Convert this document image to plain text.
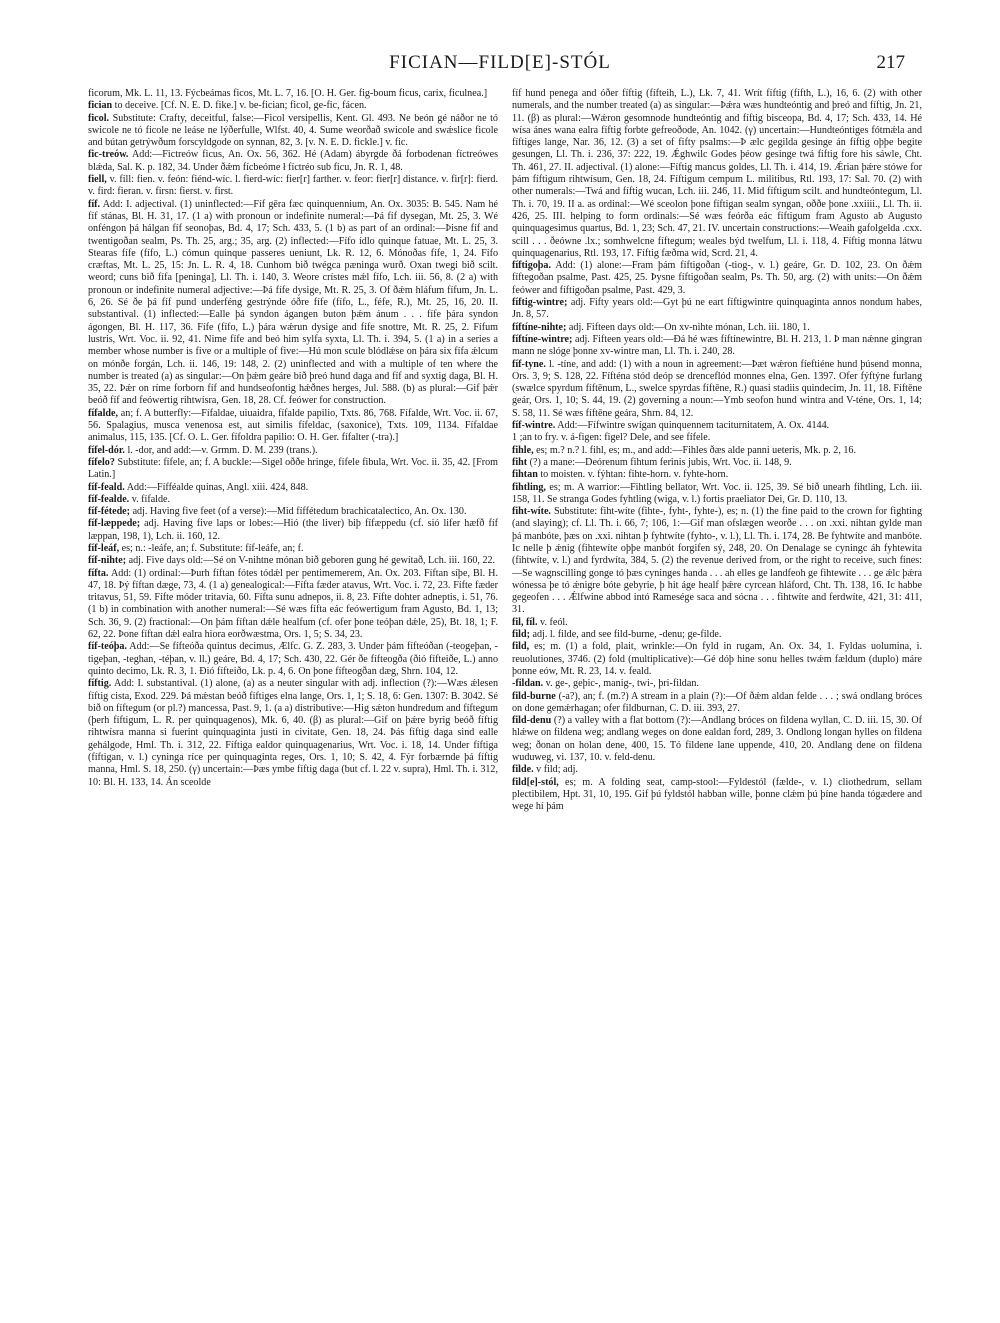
FICIAN—FILD[E]-STÓL	217

ficorum, Mk. L. 11, 13. Fýcbeámas ficos, Mt. L. 7, 16. [O. H. Ger. fig-boum ficus, carix, ficulnea.]

fician to deceive. [Cf. N. E. D. fike.] v. be-fician; ficol, ge-fic, fácen.

ficol. Substitute: Crafty, deceitful, false:—Ficol versipellis, Kent. Gl. 493. Ne beón gé náðor ne tó swicole ne tó ficole ne leáse ne lýðerfulle, Wlfst. 40, 4. Sume weorðað swicole and swǽslice ficole and bútan getrýwðum forscyldgode on synnan, 82, 3. [v. N. E. D. fickle.] v. fic.

fic-treów. Add:—Fictreów ficus, An. Ox. 56, 362. Hé (Adam) ábyrgde ðá forbodenan fíctreówes blǽda, Sal. K. p. 182, 34. Under ðǽm fícbeóme ł fíctréo sub ficu, Jn. R. 1, 48.

fiell, v. fill: fien. v. feón: fiénd-wíc. l. fierd-wíc: fier[r] farther. v. feor: fier[r] distance. v. fir[r]: fierd. v. fird: fieran. v. firsn: fierst. v. first.

fíf. Add: I. adjectival. (1) uninflected:—Fíf gēra fæc quinquennium, An. Ox. 3035: B. 545. Nam hé fíf stánas, Bl. H. 31, 17. (1 a) with pronoun or indefinite numeral:—Þá fíf dysegan, Mt. 25, 3. Wé onféngon þá hálgan fíf seonoþas, Bd. 4, 17; Sch. 433, 5. (1 b) as part of an ordinal:—Þisne fíf and twentigoðan sealm, Ps. Th. 25, arg.; 35, arg. (2) inflected:—Fífo ídlo quinque fatuae, Mt. L. 25, 3. Stearas fífe (fífo, L.) cómun quinque passeres ueniunt, Lk. R. 12, 6. Mónoðas fífe, 1, 24. Fífo cræftas, Mt. L. 25, 15: Jn. L. R. 4, 18. Cunhom bið twégca pæninga wurð. Oxan twegi bið scilt. weord; cuns bið fífa [peninga], Ll. Th. i. 140, 3. Weore crístes mǽl fífo, Lch. iii. 56, 8. (2 a) with pronoun or indefinite numeral adjective:—Þá fífe dysige, Mt. R. 25, 3. Of ðǽm hláfum fífum, Jn. L. 6, 26. Sé ðe þá fíf pund underféng gestrýnde óðre fífe (fífo, L., féfe, R.), Mt. 25, 16, 20. II. substantival. (1) inflected:—Ealle þá syndon ágangen buton þǽm ánum . . . fífe þára syndon ágongen, Bl. H. 117, 36. Fífe (fífo, L.) þára wǽrun dysige and fífe snottre, Mt. R. 25, 2. Fífum lustris, Wrt. Voc. ii. 92, 41. Nime fífe and beó him sylfa syxta, Ll. Th. i. 394, 5. (1 a) in a series a member whose number is five or a multiple of five:—Hú mon scule blódlǽse on þára six fífa ǽlcum on mónðe forgán, Lch. ii. 146, 19: 148, 2. (2) uninflected and with a multiple of ten where the number is treated (a) as singular:—On þǽm geáre bið þreó hund daga and fíf and syxtig daga, Bl. H. 35, 22. Þǽr on ríme forborn fíf and hundseofontig hǽðnes herges, Jul. 588. (b) as plural:—Gif þǽr beóð fíf and feówertig rihtwísra, Gen. 18, 28. Cf. feówer for construction.

fífalde, an; f. A butterfly:—Fífaldae, uiuaidra, fífalde papilio, Txts. 86, 768. Fífalde, Wrt. Voc. ii. 67, 56. Spalagius, musca venenosa est, aut similis fífeldac, (saxonice), Txts. 109, 1134. Fífaldae animalus, 115, 135. [Cf. O. L. Ger. fífoldra papilio: O. H. Ger. fífalter (-tra).]

fífel-dór. l. -dor, and add:—v. Grmm. D. M. 239 (trans.).

fífelo? Substitute: fífele, an; f. A buckle:—Sigel oððe hringe, fífele fibula, Wrt. Voc. ii. 35, 42. [From Latin.]

fíf-feald. Add:—Fífféalde quinas, Angl. xiii. 424, 848.

fíf-fealde. v. fífalde.

fíf-fétede; adj. Having five feet (of a verse):—Mid fíffétedum brachicatalectico, An. Ox. 130.

fíf-læppede; adj. Having five laps or lobes:—Hió (the liver) biþ fífæppedu (cf. sió lifer hæfð fíf læppan, 198, 1), Lch. ii. 160, 12.

fíf-leáf, es; n.: -leáfe, an; f. Substitute: fíf-leáfe, an; f.

fíf-nihte; adj. Five days old:—Sé on V-nihtne mónan bið geboren gung hé gewítað, Lch. iii. 160, 22.

fífta. Add: (1) ordinal:—Þurh fíftan fótes tódǽl per pentimemerem, An. Ox. 203. Fíftan síþe, Bl. H. 47, 18. Þý fíftan dæge, 73, 4. (1 a) genealogical:—Fífta fæder atavus, Wrt. Voc. i. 72, 23. Fífte fæder tritavus, 51, 59. Fífte móder tritavia, 60. Fífta sunu adnepos, ii. 8, 23. Fífte dohter adneptis, i. 51, 76. (1 b) in combination with another numeral:—Sé wæs fífta eác feówertigum fram Agusto, Bd. 1, 13; Sch. 36, 9. (2) fractional:—On þám fíftan dǽle healfum (cf. ofer þone teóþan dǽle, 25), Bt. 18, 1; F. 62, 22. Þone fíftan dǽl ealra hiora eorðwæstma, Ors. 1, 5; S. 34, 23.

fíf-teóþa. Add:—Se fífteóða quintus decimus, Ælfc. G. Z. 283, 3. Under þám fífteóðan (-teogeþan, -tigeþan, -teghan, -téþan, v. ll.) geáre, Bd. 4, 17; Sch. 430, 22. Gér ðe fífteogða (ðió fífteiðe, L.) anno quinto decimo, Lk. R. 3, 1. Ðió fífteiðo, Lk. p. 4, 6. On þone fífteogðan dæg, Shrn. 104, 12.

fíftig. Add: I. substantival. (1) alone, (a) as a neuter singular with adj. inflection (?):—Wæs ǽlesen fíftig cista, Exod. 229. Þá mǽstan beóð fíftiges elna lange, Ors. 1, 1; S. 18, 6: Gen. 1307: B. 3042. Sé bið on fíftegum (or pl.?) mancessa, Past. 9, 1. (a a) distributive:—Hig sǽton hundredum and fíftegum (þerh fíftigum, L. R. per quinquagenos), Mk. 6, 40. (β) as plural:—Gif on þǽre byrig beóð fíftig rihtwísra manna si fuerint quinquaginta justi in civitate, Gen. 18, 24. Þás fíftig daga sind ealle gehálgode, Hml. Th. i. 312, 22. Fíftiga ealdor quinquagenarius, Wrt. Voc. i. 18, 14. Under fíftiga (fíftigan, v. l.) cyninga ríce per quinquaginta reges, Ors. 1, 10; S. 42, 4. Fýr forbærnde þá fíftig manna, Hml. S. 18, 250. (γ) uncertain:—Þæs ymbe fíftig daga (but cf. l. 22 v. supra), Hml. Th. i. 312, 10: Bl. H. 133, 14. Án sceolde

fíf hund penega and óðer fíftig (fífteih, L.), Lk. 7, 41. Wrít fíftig (fífth, L.), 16, 6. (2) with other numerals, and the number treated (a) as singular:—Þǽra wæs hundteóntig and þreó and fíftig, Jn. 21, 11. (β) as plural:—Wǽron gesomnode hundteóntig and fíftig bisceopa, Bd. 4, 17; Sch. 433, 14. Hé wísa ánes wana ealra fíftig forbte gefreoðode, An. 1042. (γ) uncertain:—Hundteóntiges fótmǽla and fíftiges lange, Nar. 36, 12. (3) a set of fifty psalms:—Þ ælc gegilda gesinge án fíftig oþþe begite gesungen, Ll. Th. i. 236, 37: 222, 19. Ǽghwilc Godes þéow gesinge twá fíftig fore his sáwle, Cht. Th. 461, 27. II. adjectival. (1) alone:—Fíftig mancus goldes, Ll. Th. i. 414, 19. Ǽrian þǽre stówe for þám fíftigum rihtwísum, Gen. 18, 24. Fíftigum cempum L. militibus, Rtl. 193, 17: Sal. 70. (2) with other numerals:—Twá and fíftig wucan, Lch. iii. 246, 11. Mid fíftigum scilt. and hundteóntegum, Ll. Th. i. 70, 19. II a. as ordinal:—Wé sceolon þone fíftigan sealm syngan, oððe þone .xxiiii., Ll. Th. ii. 426, 25. III. helping to form ordinals:—Sé wæs feórða eác fíftigum fram Agusto ab Augusto quinquagesimus quartus, Bd. 1, 23; Sch. 47, 21. IV. uncertain constructions:—Weaih gafolgelda .cxx. scill . . . ðeówne .lx.; somhwelcne fíftegum; weales býd twelfum, Ll. i. 118, 4. Fíftig monna látwu quinquagenarius, Rtl. 193, 17. Fíftig fæðma wíd, Scrd. 21, 4.

fíftigoþa. Add: (1) alone:—Fram þám fíftigoðan (-tiog-, v. l.) geáre, Gr. D. 102, 23. On ðǽm fíftegoðan psalme, Past. 425, 25. Þysne fíftigoðan sealm, Ps. Th. 50, arg. (2) with units:—On ðǽm feówer and fíftigoðan psalme, Past. 429, 3.

fíftig-wintre; adj. Fifty years old:—Gyt þú ne eart fíftigwintre quinquaginta annos nondum habes, Jn. 8, 57.

fíftíne-nihte; adj. Fifteen days old:—On xv-nihte mónan, Lch. iii. 180, 1.

fíftíne-wintre; adj. Fifteen years old:—Ðá hé wæs fíftínewintre, Bl. H. 213, 1. Þ man nǽnne gingran mann ne slóge þonne xv-wintre man, Ll. Th. i. 240, 28.

fíf-tyne. l. -tíne, and add: (1) with a noun in agreement:—Þæt wǽron fíeftiéne hund þúsend monna, Ors. 3, 9; S. 128, 22. Fífténa stód deóp se drenceflód monnes elna, Gen. 1397. Ofer fýftýne furlang (swælce spyrdum fíftēnum, L., swelce spyrdas fíftēne, R.) quasi stadiis quindecim, Jn. 11, 18. Fíftēne geár, Ors. 1, 10; S. 44, 19. (2) governing a noun:—Ymb seofon hund wintra and V-téne, Ors. 1, 14; S. 58, 11. Sé wæs fíftēne geára, Shrn. 84, 12.

fíf-wintre. Add:—Fífwintre swígan quinquennem taciturnitatem, A. Ox. 4144.

1 ;an to fry. v. á-figen: figel? Dele, and see fífele.

fihle, es; m.? n.? l. fihl, es; m., and add:—Fihles ðæs alde panni ueteris, Mk. p. 2, 16.

fiht (?) a mane:—Deórenum fihtum ferinis jubis, Wrt. Voc. ii. 148, 9.

fihtan to moisten. v. fýhtan: fihte-horn. v. fyhte-horn.

fihtling, es; m. A warrior:—Fihtling bellator, Wrt. Voc. ii. 125, 39. Sé bið unearh fihtling, Lch. iii. 158, 11. Se stranga Godes fyhtling (wiga, v. l.) fortis praeliator Dei, Gr. D. 110, 13.

fiht-wíte. Substitute: fiht-wíte (fihte-, fyht-, fyhte-), es; n. (1) the fine paid to the crown for fighting (and slaying); cf. Ll. Th. i. 66, 7; 106, 1:—Gif man ofslægen weorðe . . . on .xxi. nihtan gylde man þá manbóte, þæs on .xxi. nihtan þ fyhtwíte (fyhto-, v. l.), Ll. Th. i. 174, 28. Be fyhtwíte and manbóte. Ic nelle þ ǽnig (fihtewíte oþþe manbót forgifen sý, 248, 20. On Denalage se cyningc áh fyhtewíta (fihtwíte, v. l.) and fyrdwíta, 384, 5. (2) the revenue derived from, or the right to receive, such fines:—Se wagnscilling gonge tó þæs cyninges handa . . . ah elles ge landfeoh ge fihtewíte . . . ge ǽlc þǽra wónessa þe tó ǽnigre bóte gebyrie, þ hit áge healf þǽre cyrcean hláford, Cht. Th. 138, 16. Ic habbe gegeofen . . . Ǽlfwine abbod intó Ramesége saca and sócna . . . fihtwíte and ferdwíte, 421, 31: 411, 31.

fil, fíl. v. feól.

fild; adj. l. filde, and see fild-burne, -denu; ge-filde.

fild, es; m. (1) a fold, plait, wrinkle:—On fyld in rugam, An. Ox. 34, 1. Fyldas uolumina, i. reuolutiones, 3746. (2) fold (multiplicative):—Gé dóþ hine sonu helles twǽm fældum (duplo) máre þonne eów, Mt. R. 23, 14. v. feald.

-fildan. v. ge-, geþic-, manig-, twi-, þri-fildan.

fild-burne (-a?), an; f. (m.?) A stream in a plain (?):—Of ðǽm aldan felde . . . ; swá ondlang bróces on done gemǽrhagan; ofer fildburnan, C. D. iii. 393, 27.

fild-denu (?) a valley with a flat bottom (?):—Andlang bróces on fildena wyllan, C. D. iii. 15, 30. Of hlǽwe on fildena weg; andlang weges on done ealdan ford, 289, 3. Ondlong longan hylles on fildena weg; ðonan on holan dene, 400, 15. Tó fildene lane uppende, 410, 20. Andlang dene on fildena wuduweg, vi. 137, 10. v. feld-denu.

filde. v fild; adj.

fild[e]-stól, es; m. A folding seat, camp-stool:—Fyldestól (fælde-, v. l.) cliothedrum, sellam plectibilem, Hpt. 31, 10, 195. Gif þú fyldstól habban wille, þonne clǽm þú þíne handa tógædere and wege hí þám
